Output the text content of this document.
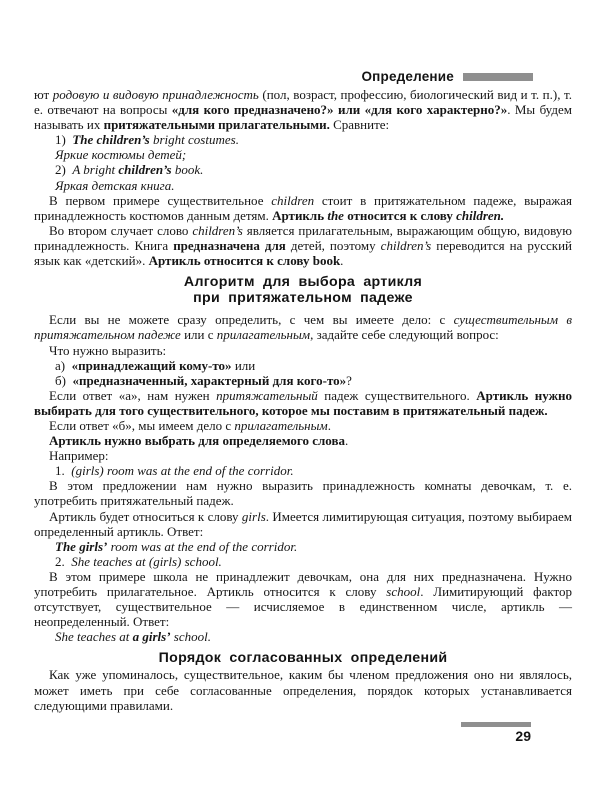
Определение
ют родовую и видовую принадлежность (пол, возраст, профессию, биологический вид и т. п.), т. е. отвечают на вопросы «для кого предназначено?» или «для кого характерно?». Мы будем называть их притяжательными прилагательными. Сравните:
1)  The children’s bright costumes.
Яркие костюмы детей;
2)  A bright children’s book.
Яркая детская книга.
В первом примере существительное children стоит в притяжательном падеже, выражая принадлежность костюмов данным детям. Артикль the относится к слову children.
Во втором случает слово children’s является прилагательным, выражающим общую, видовую принадлежность. Книга предназначена для детей, поэтому children’s переводится на русский язык как «детский». Артикль относится к слову book.
Алгоритм для выбора артикля
при притяжательном падеже
Если вы не можете сразу определить, с чем вы имеете дело: с существительным в притяжательном падеже или с прилагательным, задайте себе следующий вопрос:
Что нужно выразить:
а)  «принадлежащий кому-то» или
б)  «предназначенный, характерный для кого-то»?
Если ответ «а», нам нужен притяжательный падеж существительного. Артикль нужно выбирать для того существительного, которое мы поставим в притяжательный падеж.
Если ответ «б», мы имеем дело с прилагательным.
Артикль нужно выбрать для определяемого слова.
Например:
1.  (girls) room was at the end of the corridor.
В этом предложении нам нужно выразить принадлежность комнаты девочкам, т. е. употребить притяжательный падеж.
Артикль будет относиться к слову girls. Имеется лимитирующая ситуация, поэтому выбираем определенный артикль. Ответ:
The girls’ room was at the end of the corridor.
2.  She teaches at (girls) school.
В этом примере школа не принадлежит девочкам, она для них предназначена. Нужно употребить прилагательное. Артикль относится к слову school. Лимитирующий фактор отсутствует, существительное — исчисляемое в единственном числе, артикль — неопределенный. Ответ:
She teaches at a girls’ school.
Порядок согласованных определений
Как уже упоминалось, существительное, каким бы членом предложения оно ни являлось, может иметь при себе согласованные определения, порядок которых устанавливается следующими правилами.
29
